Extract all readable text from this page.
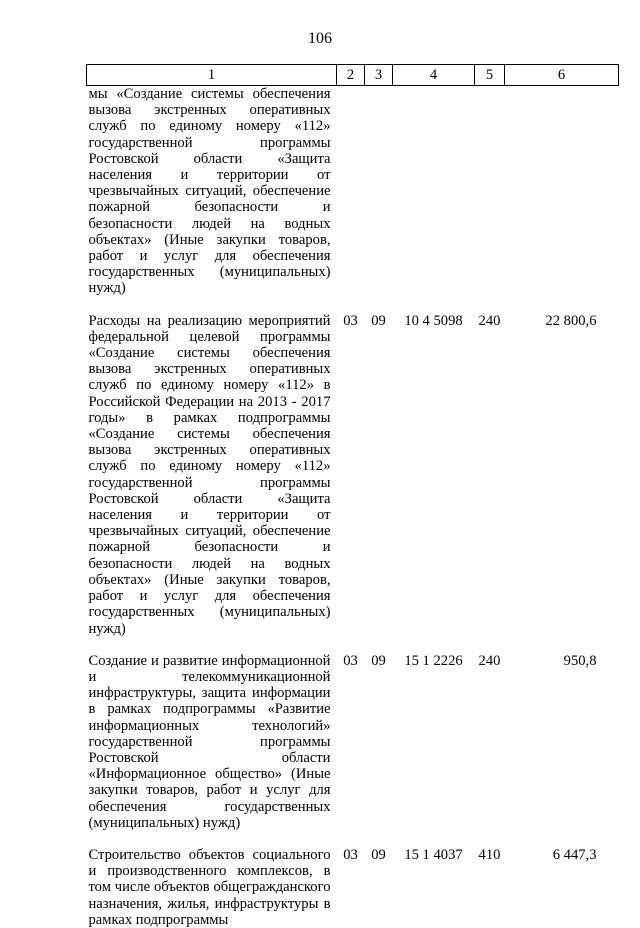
106
1	2	3	4	5	6
мы «Создание системы обеспечения вызова экстренных оперативных служб по единому номеру «112» государственной программы Ростовской области «Защита населения и территории от чрезвычайных ситуаций, обеспечение пожарной безопасности и безопасности людей на водных объектах» (Иные закупки товаров, работ и услуг для обеспечения государственных (муниципальных) нужд)					
Расходы на реализацию мероприятий федеральной целевой программы «Создание системы обеспечения вызова экстренных оперативных служб по единому номеру «112» в Российской Федерации на 2013 - 2017 годы» в рамках подпрограммы «Создание системы обеспечения вызова экстренных оперативных служб по единому номеру «112» государственной программы Ростовской области «Защита населения и территории от чрезвычайных ситуаций, обеспечение пожарной безопасности и безопасности людей на водных объектах» (Иные закупки товаров, работ и услуг для обеспечения государственных (муниципальных) нужд)	03	09	10 4 5098	240	22 800,6
Создание и развитие информационной и телекоммуникационной инфраструктуры, защита информации в рамках подпрограммы «Развитие информационных технологий» государственной программы Ростовской области «Информационное общество» (Иные закупки товаров, работ и услуг для обеспечения государственных (муниципальных) нужд)	03	09	15 1 2226	240	950,8
Строительство объектов социального и производственного комплексов, в том числе объектов общегражданского назначения, жилья, инфраструктуры в рамках подпрограммы	03	09	15 1 4037	410	6 447,3
